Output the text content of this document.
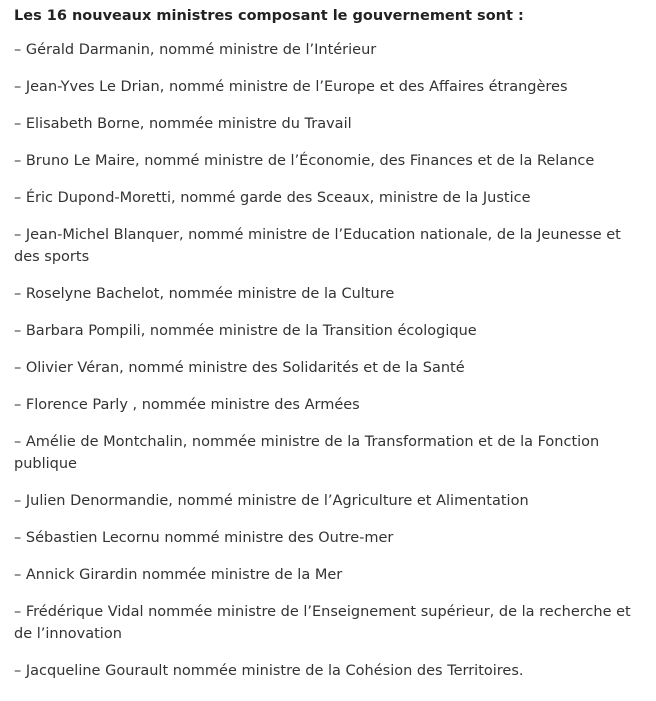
Les 16 nouveaux ministres composant le gouvernement sont :
– Gérald Darmanin, nommé ministre de l’Intérieur
– Jean-Yves Le Drian, nommé ministre de l’Europe et des Affaires étrangères
– Elisabeth Borne, nommée ministre du Travail
– Bruno Le Maire, nommé ministre de l’Économie, des Finances et de la Relance
– Éric Dupond-Moretti, nommé garde des Sceaux, ministre de la Justice
– Jean-Michel Blanquer, nommé ministre de l’Education nationale, de la Jeunesse et des sports
– Roselyne Bachelot, nommée ministre de la Culture
– Barbara Pompili, nommée ministre de la Transition écologique
– Olivier Véran, nommé ministre des Solidarités et de la Santé
– Florence Parly , nommée ministre des Armées
– Amélie de Montchalin, nommée ministre de la Transformation et de la Fonction publique
– Julien Denormandie, nommé ministre de l’Agriculture et Alimentation
– Sébastien Lecornu nommé ministre des Outre-mer
– Annick Girardin nommée ministre de la Mer
– Frédérique Vidal nommée ministre de l’Enseignement supérieur, de la recherche et de l’innovation
– Jacqueline Gourault nommée ministre de la Cohésion des Territoires.
